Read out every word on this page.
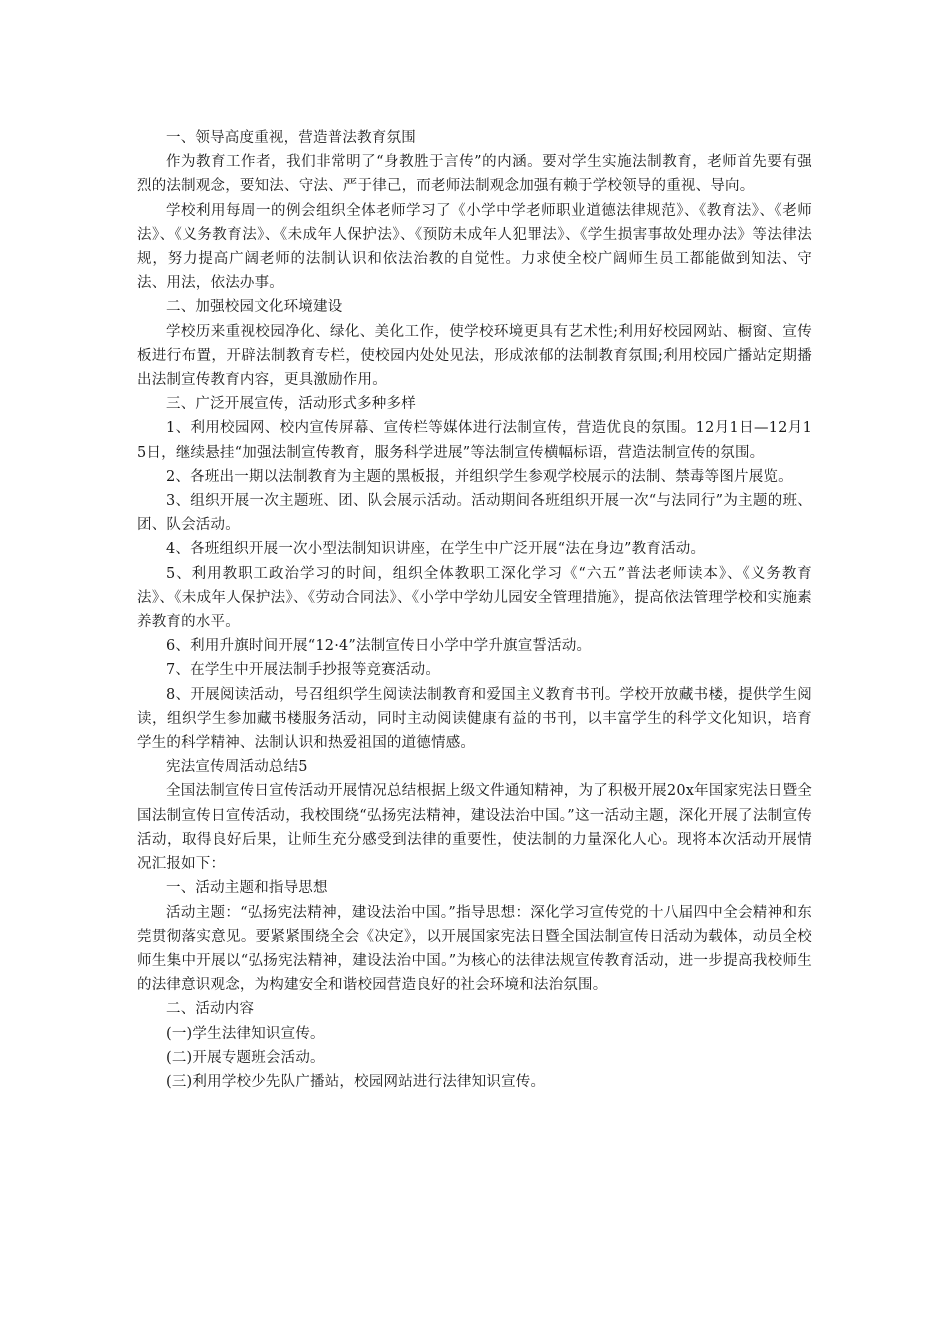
一、领导高度重视，营造普法教育氛围

作为教育工作者，我们非常明了“身教胜于言传”的内涵。要对学生实施法制教育，老师首先要有强烈的法制观念，要知法、守法、严于律己，而老师法制观念加强有赖于学校领导的重视、导向。

学校利用每周一的例会组织全体老师学习了《小学中学老师职业道德法律规范》、《教育法》、《老师法》、《义务教育法》、《未成年人保护法》、《预防未成年人犯罪法》、《学生损害事故处理办法》等法律法规，努力提高广阔老师的法制认识和依法治教的自觉性。力求使全校广阔师生员工都能做到知法、守法、用法，依法办事。

二、加强校园文化环境建设

学校历来重视校园净化、绿化、美化工作，使学校环境更具有艺术性;利用好校园网站、橱窗、宣传板进行布置，开辟法制教育专栏，使校园内处处见法，形成浓郁的法制教育氛围;利用校园广播站定期播出法制宣传教育内容，更具激励作用。

三、广泛开展宣传，活动形式多种多样

1、利用校园网、校内宣传屏幕、宣传栏等媒体进行法制宣传，营造优良的氛围。12月1日—12月15日，继续悬挂“加强法制宣传教育，服务科学进展”等法制宣传横幅标语，营造法制宣传的氛围。

2、各班出一期以法制教育为主题的黑板报，并组织学生参观学校展示的法制、禁毒等图片展览。

3、组织开展一次主题班、团、队会展示活动。活动期间各班组织开展一次“与法同行”为主题的班、团、队会活动。

4、各班组织开展一次小型法制知识讲座，在学生中广泛开展“法在身边”教育活动。

5、利用教职工政治学习的时间，组织全体教职工深化学习《“六五”普法老师读本》、《义务教育法》、《未成年人保护法》、《劳动合同法》、《小学中学幼儿园安全管理措施》，提高依法管理学校和实施素养教育的水平。

6、利用升旗时间开展“12·4”法制宣传日小学中学升旗宣誓活动。

7、在学生中开展法制手抄报等竞赛活动。

8、开展阅读活动，号召组织学生阅读法制教育和爱国主义教育书刊。学校开放藏书楼，提供学生阅读，组织学生参加藏书楼服务活动，同时主动阅读健康有益的书刊，以丰富学生的科学文化知识，培育学生的科学精神、法制认识和热爱祖国的道德情感。

宪法宣传周活动总结5

全国法制宣传日宣传活动开展情况总结根据上级文件通知精神，为了积极开展20x年国家宪法日暨全国法制宣传日宣传活动，我校围绕“弘扬宪法精神，建设法治中国。”这一活动主题，深化开展了法制宣传活动，取得良好后果，让师生充分感受到法律的重要性，使法制的力量深化人心。现将本次活动开展情况汇报如下：

一、活动主题和指导思想

活动主题：“弘扬宪法精神，建设法治中国。”指导思想：深化学习宣传党的十八届四中全会精神和东莞贯彻落实意见。要紧紧围绕全会《决定》，以开展国家宪法日暨全国法制宣传日活动为载体，动员全校师生集中开展以“弘扬宪法精神，建设法治中国。”为核心的法律法规宣传教育活动，进一步提高我校师生的法律意识观念，为构建安全和谐校园营造良好的社会环境和法治氛围。

二、活动内容

(一)学生法律知识宣传。

(二)开展专题班会活动。

(三)利用学校少先队广播站，校园网站进行法律知识宣传。
